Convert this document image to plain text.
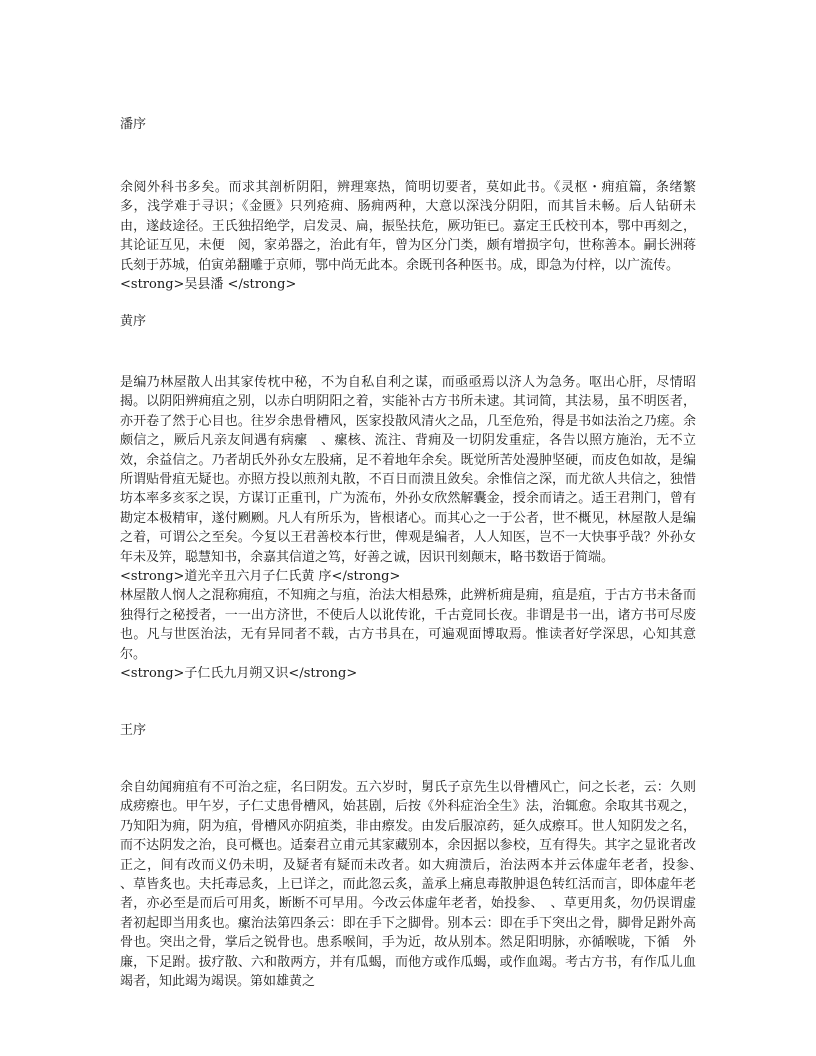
潘序
余阅外科书多矣。而求其剖析阴阳，辨理寒热，简明切要者，莫如此书。《灵枢・痈疽篇，条绪繁多，浅学难于寻识；《金匮》只列疮痈、肠痈两种，大意以深浅分阴阳，而其旨未畅。后人钻研未由，遂歧途径。王氏独招绝学，启发灵、扁，振坠扶危，厥功钜已。嘉定王氏校刊本，鄂中再刻之，其论证互见，未便　阅，家弟器之，治此有年，曾为区分门类，颇有增损字句，世称善本。嗣长洲蒋氏刻于苏城，伯寅弟翻雕于京师，鄂中尚无此本。余既刊各种医书。成，即急为付梓，以广流传。
<strong>吴县潘 </strong>
黄序
是编乃林屋散人出其家传枕中秘，不为自私自利之谋，而亟亟焉以济人为急务。呕出心肝，尽情昭揭。以阴阳辨痈疽之别，以赤白明阴阳之着，实能补古方书所未逮。其词简，其法易，虽不明医者，亦开卷了然于心目也。往岁余患骨槽风，医家投散风清火之品，几至危殆，得是书如法治之乃瘥。余颇信之，厥后凡亲友间遇有病瘰　、瘰核、流注、背痈及一切阴发重症，各告以照方施治，无不立效，余益信之。乃者胡氏外孙女左股痛，足不着地年余矣。既觉所苦处漫肿坚硬，而皮色如故，是编所谓贴骨疽无疑也。亦照方投以煎剂丸散，不百日而溃且敛矣。余惟信之深，而尤欲人共信之，独惜坊本率多亥豕之误，方谋订正重刊，广为流布，外孙女欣然解囊金，授余而请之。适王君荆门，曾有勘定本极精审，遂付劂劂。凡人有所乐为，皆根诸心。而其心之一于公者，世不概见，林屋散人是编之着，可谓公之至矣。今复以王君善校本行世，俾观是编者，人人知医，岂不一大快事乎哉？外孙女年未及笄，聪慧知书，余嘉其信道之笃，好善之诚，因识刊刻颠末，略书数语于简端。
<strong>道光辛丑六月子仁氏黄 序</strong>
林屋散人悯人之混称痈疽，不知痈之与疽，治法大相悬殊，此辨析痈是痈，疽是疽，于古方书未备而独得行之秘授者，一一出方济世，不使后人以讹传讹，千古竟同长夜。非谓是书一出，诸方书可尽废也。凡与世医治法，无有异同者不载，古方书具在，可遍观面博取焉。惟读者好学深思，心知其意尔。
<strong>子仁氏九月朔又识</strong>
王序
余自幼闻痈疽有不可治之症，名曰阴发。五六岁时，舅氏子京先生以骨槽风亡，问之长老，云：久则成痨瘵也。甲午岁，子仁丈患骨槽风，始甚剧，后按《外科症治全生》法，治辄愈。余取其书观之，乃知阳为痈，阴为疽，骨槽风亦阴疽类，非由瘵发。由发后服凉药，延久成瘵耳。世人知阴发之名，而不达阴发之治，良可概也。适秦君立甫元其家藏别本，余因据以参校，互有得失。其字之显讹者改正之，间有改而义仍未明，及疑者有疑而未改者。如大痈溃后，治法两本并云体虚年老者，投参、　、草皆炙也。夫托毒忌炙，上已详之，而此忽云炙，盖承上痛息毒散肿退色转红活而言，即体虚年老者，亦必至是而后可用炙，断断不可早用。今改云体虚年老者，始投参、　、草更用炙，勿仍误谓虚者初起即当用炙也。瘰治法第四条云：即在手下之脚骨。别本云：即在手下突出之骨，脚骨足跗外高骨也。突出之骨，掌后之锐骨也。患系喉间，手为近，故从别本。然足阳明脉，亦循喉咙，下循　外廉，下足跗。拔疗散、六和散两方，并有瓜蝎，而他方或作瓜蝎，或作血竭。考古方书，有作瓜儿血竭者，知此竭为竭误。第如雄黄之
